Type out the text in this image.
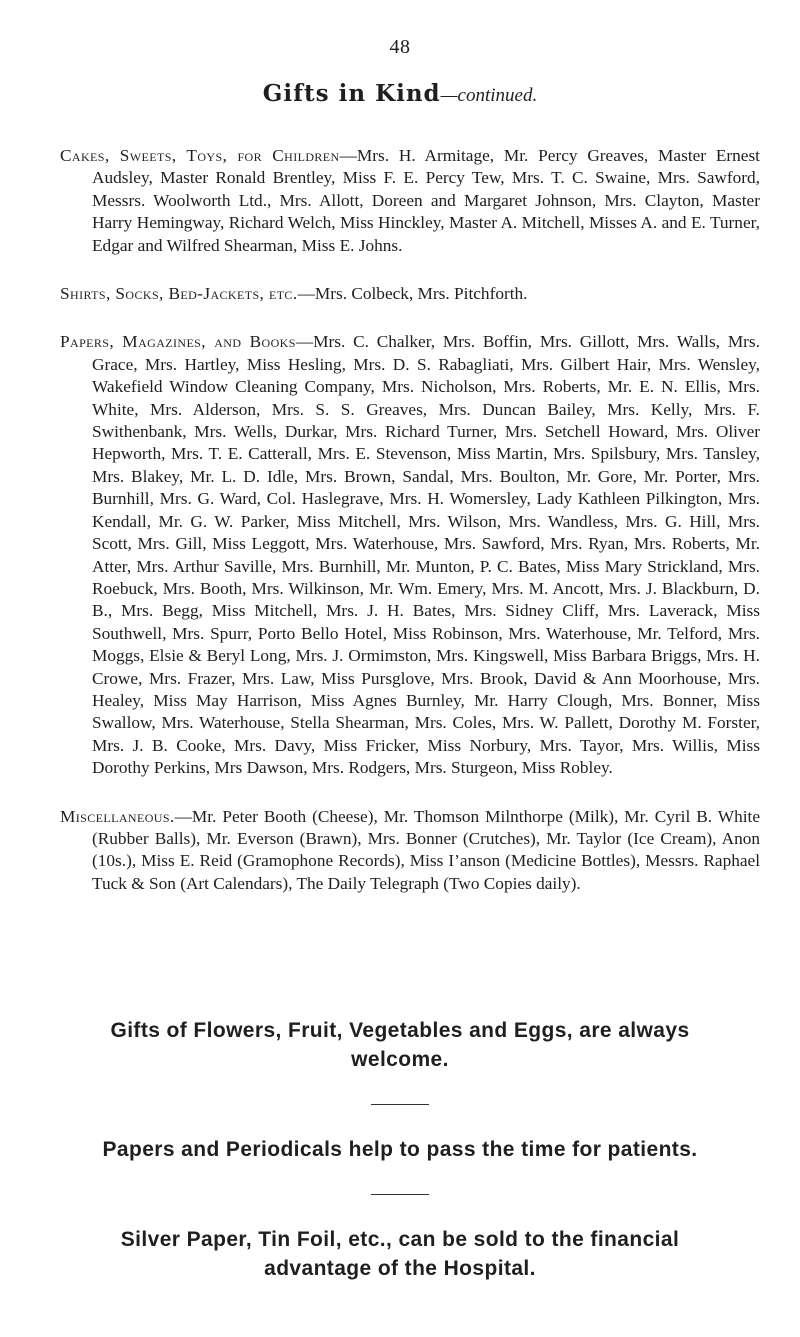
48
Gifts in Kind—continued.

Cakes, Sweets, Toys, for Children—Mrs. H. Armitage, Mr. Percy Greaves, Master Ernest Audsley, Master Ronald Brentley, Miss F. E. Percy Tew, Mrs. T. C. Swaine, Mrs. Sawford, Messrs. Woolworth Ltd., Mrs. Allott, Doreen and Margaret Johnson, Mrs. Clayton, Master Harry Hemingway, Richard Welch, Miss Hinckley, Master A. Mitchell, Misses A. and E. Turner, Edgar and Wilfred Shearman, Miss E. Johns.

Shirts, Socks, Bed-Jackets, etc.—Mrs. Colbeck, Mrs. Pitchforth.

Papers, Magazines, and Books—Mrs. C. Chalker, Mrs. Boffin, Mrs. Gillott, Mrs. Walls, Mrs. Grace, Mrs. Hartley, Miss Hesling, Mrs. D. S. Rabagliati, Mrs. Gilbert Hair, Mrs. Wensley, Wakefield Window Cleaning Company, Mrs. Nicholson, Mrs. Roberts, Mr. E. N. Ellis, Mrs. White, Mrs. Alderson, Mrs. S. S. Greaves, Mrs. Duncan Bailey, Mrs. Kelly, Mrs. F. Swithenbank, Mrs. Wells, Durkar, Mrs. Richard Turner, Mrs. Setchell Howard, Mrs. Oliver Hepworth, Mrs. T. E. Catterall, Mrs. E. Stevenson, Miss Martin, Mrs. Spilsbury, Mrs. Tansley, Mrs. Blakey, Mr. L. D. Idle, Mrs. Brown, Sandal, Mrs. Boulton, Mr. Gore, Mr. Porter, Mrs. Burnhill, Mrs. G. Ward, Col. Haslegrave, Mrs. H. Womersley, Lady Kathleen Pilkington, Mrs. Kendall, Mr. G. W. Parker, Miss Mitchell, Mrs. Wilson, Mrs. Wandless, Mrs. G. Hill, Mrs. Scott, Mrs. Gill, Miss Leggott, Mrs. Waterhouse, Mrs. Sawford, Mrs. Ryan, Mrs. Roberts, Mr. Atter, Mrs. Arthur Saville, Mrs. Burnhill, Mr. Munton, P. C. Bates, Miss Mary Strickland, Mrs. Roebuck, Mrs. Booth, Mrs. Wilkinson, Mr. Wm. Emery, Mrs. M. Ancott, Mrs. J. Blackburn, D. B., Mrs. Begg, Miss Mitchell, Mrs. J. H. Bates, Mrs. Sidney Cliff, Mrs. Laverack, Miss Southwell, Mrs. Spurr, Porto Bello Hotel, Miss Robinson, Mrs. Waterhouse, Mr. Telford, Mrs. Moggs, Elsie & Beryl Long, Mrs. J. Ormimston, Mrs. Kingswell, Miss Barbara Briggs, Mrs. H. Crowe, Mrs. Frazer, Mrs. Law, Miss Pursglove, Mrs. Brook, David & Ann Moorhouse, Mrs. Healey, Miss May Harrison, Miss Agnes Burnley, Mr. Harry Clough, Mrs. Bonner, Miss Swallow, Mrs. Waterhouse, Stella Shearman, Mrs. Coles, Mrs. W. Pallett, Dorothy M. Forster, Mrs. J. B. Cooke, Mrs. Davy, Miss Fricker, Miss Norbury, Mrs. Tayor, Mrs. Willis, Miss Dorothy Perkins, Mrs Dawson, Mrs. Rodgers, Mrs. Sturgeon, Miss Robley.

Miscellaneous.—Mr. Peter Booth (Cheese), Mr. Thomson Milnthorpe (Milk), Mr. Cyril B. White (Rubber Balls), Mr. Everson (Brawn), Mrs. Bonner (Crutches), Mr. Taylor (Ice Cream), Anon (10s.), Miss E. Reid (Gramophone Records), Miss I’anson (Medicine Bottles), Messrs. Raphael Tuck & Son (Art Calendars), The Daily Telegraph (Two Copies daily).

Gifts of Flowers, Fruit, Vegetables and Eggs, are always welcome.

Papers and Periodicals help to pass the time for patients.

Silver Paper, Tin Foil, etc., can be sold to the financial advantage of the Hospital.
